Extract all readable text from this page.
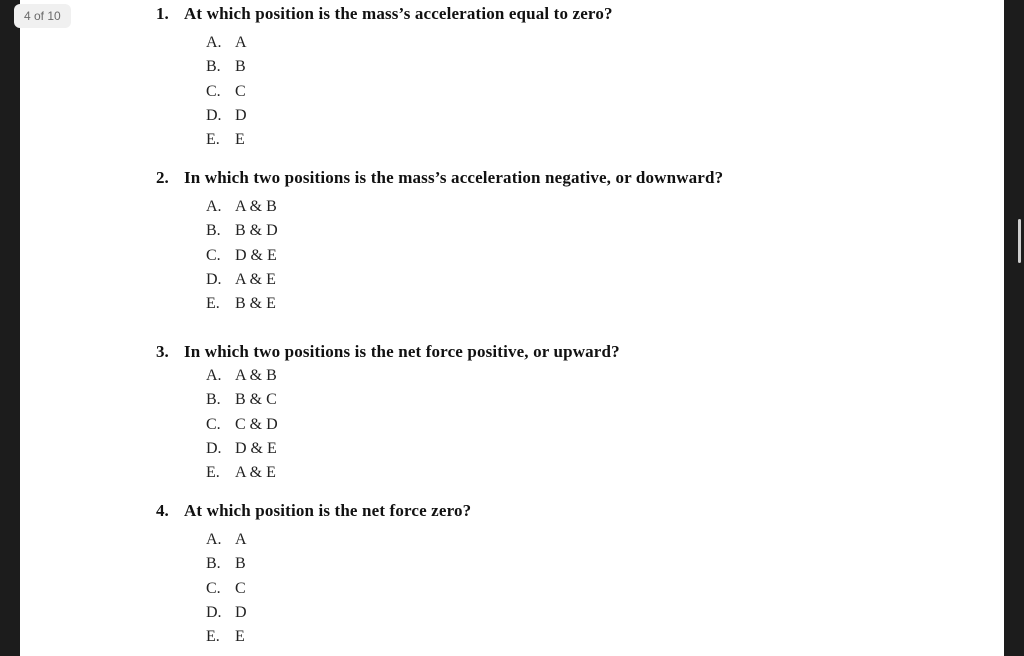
1. At which position is the mass’s acceleration equal to zero?
A. A
B. B
C. C
D. D
E. E
2. In which two positions is the mass’s acceleration negative, or downward?
A. A & B
B. B & D
C. D & E
D. A & E
E. B & E
3. In which two positions is the net force positive, or upward?
A. A & B
B. B & C
C. C & D
D. D & E
E. A & E
4. At which position is the net force zero?
A. A
B. B
C. C
D. D
E. E
4 of 10
